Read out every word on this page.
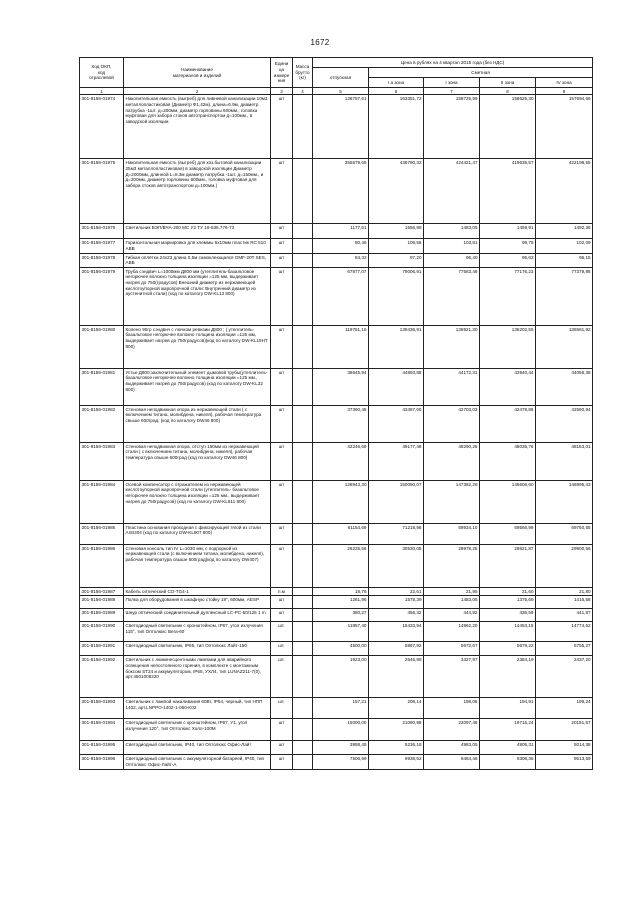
1672
Код ОКП,
код
отраслевой	Наименование
материалов и изделий	Едини
ца
измере
ния	Масса
брутто
(кг)	Цена в рублях на 4 квартал 2015 года (без НДС)				
				отпускная	Сметная			
					I а зона	I зона	II зона	IV зона
1	2	3	4	5	6	7	8	9
301-8156-01974	Накопительная емкость (выгреб) для ливневой канализации 10м3 металлопластиковая (Диаметр Ф1,42м), длина=6.9м, диаметр патрубка -1шт. д=200мм, диаметр горловины 600мм., головка муфтовая для забора стоков автотранспортом д=100мм., в заводской изоляции	шт		136757,61	163351,72	158725,99	158625,30	157694,66
301-8156-01975	Накопительная емкость (выгреб) для хоз.бытовой канализации 25м3 металлопластиковая) в заводской изоляции Диаметр Д=2000мм, длинной L=8.3м диаметр патрубка -1шт. д=150мм., и д=200мм, диаметр горловины 600мм., головка муфтовая для забора стоков автотранспортом д=100мм.)	шт		355679,65	436790,32	424421,47	419635,57	422198,55
301-8156-01976	Светильник ВЭП/ВЧА-200 МС У2 ТУ 16-535.776-73	шт		1177,51	1556,98	1483,05	1459,91	1492,36
301-8156-01977	Горизонтальная маркировка для клеммы 5х10мм пластик RC 510 ABB	шт		80,46	106,55	103,81	99,75	102,09
301-8156-01978	Гибкая оплётка 24х23 длина 0,5м самоклеющаяся GMF-20T SES, ABB	шт		84,32	97,20	96,40	95,63	96,15
301-8156-01979	Труба сэндвич L=1000мм Д800 мм (утеплитель-базальтовое негорючее волокно толщина изоляции =125 мм, выдерживает нагрев до 750(градусов) Внешний диаметр из нержавеющей кислотоупорной жаропрочной стали: Внутренний диаметр из аустенитной стали) (код по каталогу DW-KL13 800)	шт		67877,07	79006,91	77583,49	77176,23	77379,86
301-8156-01980	Колено 90гр сэндвич с лючком ревизии Д800 ; ( утеплитель- базальтовое негорючее волокно толщина изоляции =125 мм, выдерживает нагрев до 750градусов)(код по каталогу DW-KL19HT 800)	шт		119751,16	139436,91	136921,30	136202,55	136561,92
301-8156-01981	Устье Д800;заключительный элемент дымовой трубы(утеплитель- базальтовое негорючее волокно толщина изоляции =125 мм., выдерживает нагрев до 750градусов) (код по каталогу DW-KL32 800)	шт		38645,94	44893,88	44172,31	43940,44	44056,38
301-8156-01982	Стеновая неподвижная опора из нержавеющей стали ( с включением титана, молибдена, никеля), рабочая температура свыше 600град. (код по каталогу DW46 800)	шт		37360,45	43487,60	42703,03	42478,86	42590,94
301-8156-01983	Стеновая неподвижная опора, отступ 150мм из нержавеющей стали ( с включением титана, молибдена, никеля), рабочая температура свыше 600град (код по каталогу DW46 800)	шт		42246,69	49177,48	48290,25	48035,76	48163,01
301-8156-01984	Осевой компенсатор с отражателем из нержавеющей кислотоупорной жаропрочной стали (утеплитель- базальтовое негорючее волокно толщина изоляции =125 мм., выдерживает нагрев до 750градусов) (код по каталогу DW-KL811 800)	шт		128943,30	150090,07	147382,26	146606,60	146995,43
301-8156-01985	Пластина основания проходная с фиксирующей тягой из стали AISI304 (код по каталогу DW-KL907 800)	шт		61154,69	71218,98	69934,10	69566,99	69750,55
301-8156-01986	Стеновая консоль тип IV L=1030 мм, с подпоркой из нержавеющей стали (с включением титана, молибдена, никеля), рабочая температура свыше 600град(код по каталогу DW407)	шт		26225,56	30530,05	29978,25	29821,87	29900,56
301-8156-01987	Кабель оптический СО-TG4-1	п.м		18,76	22,61	21,95	21,60	21,80
301-8156-01988	Полка для оборудования в шкафную стойку 19", 600мм, AESP	шт		1261,96	1578,39	1483,05	1375,69	1416,58
301-8156-01989	Шнур оптический соединительный дуплексный LC-PC-50/125 1 m	шт		380,27	456,32	444,92	436,59	441,87
301-8156-01990	Светодиодный светильник с кронштейном, IP67, угол излучения 115°, тип Оптолюкс Вега-60	шт.		11857,40	15433,94	14862,20	14453,15	14774,52
301-8156-01991	Светодиодный светильник, IP65, тип Оптолюкс Лайт-150	шт.		4500,00	5867,92	5672,67	5679,22	5755,27
301-8156-01992	Светильник с люминесцентными лампами для аварийного освещения непостоянного горения, в комплекте с монтажным боксом ST24 и аккумулятором, IP65, УХЛ4, тип LUNAZ211-7(0), арт.4501006220	шт.		1923,00	2546,98	3327,97	2384,19	2437,20
301-8156-01993	Светильник с лампой накаливания 60Вт, IP54, черный, тип НПП 1402, арт.LNPPO-1402-1-060-K02	шт.		157,21	208,14	198,06	194,91	199,24
301-8156-01994	Светодиодный светильник с кронштейном, IP67, У1, угол излучения 120°, тип Оптолюкс Холл-100М	шт		15000,00	21080,98	22097,46	19715,24	20151,57
301-8156-01995	Светодиодный светильник, IP40, тип Оптолюкс Офис-Лайт	шт		3958,45	5236,18	4983,05	4905,31	5014,38
301-8156-01996	Светодиодный светильник с аккумуляторной батареей, IP40, тип Оптолюкс Офис-Лайт-А	шт		7506,99	9938,52	9464,45	9306,35	9513,59
